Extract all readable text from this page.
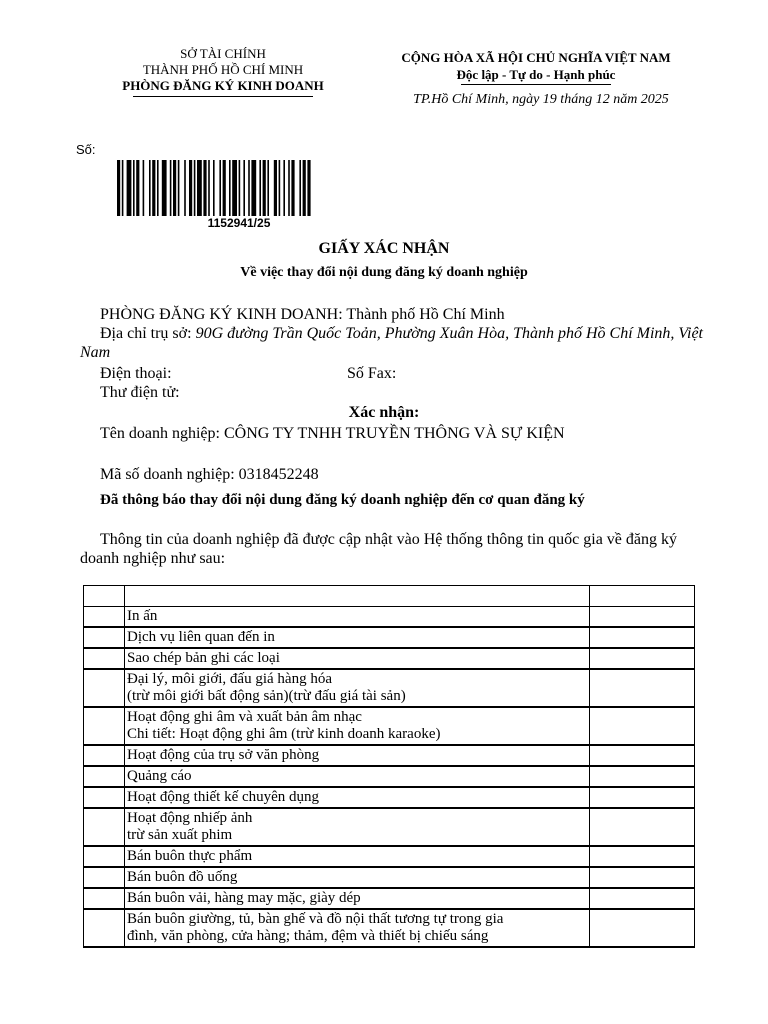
SỞ TÀI CHÍNH
THÀNH PHỐ HỒ CHÍ MINH
PHÒNG ĐĂNG KÝ KINH DOANH
CỘNG HÒA XÃ HỘI CHỦ NGHĨA VIỆT NAM
Độc lập - Tự do - Hạnh phúc
TP.Hồ Chí Minh, ngày 19 tháng 12 năm 2025
Số:
1152941/25
GIẤY XÁC NHẬN
Về việc thay đổi nội dung đăng ký doanh nghiệp
PHÒNG ĐĂNG KÝ KINH DOANH: Thành phố Hồ Chí Minh
Địa chỉ trụ sở: 90G đường Trần Quốc Toản, Phường Xuân Hòa, Thành phố Hồ Chí Minh, Việt Nam
Điện thoại:	Số Fax:
Thư điện tử:
Xác nhận:
Tên doanh nghiệp: CÔNG TY TNHH TRUYỀN THÔNG VÀ SỰ KIỆN
Mã số doanh nghiệp: 0318452248
Đã thông báo thay đổi nội dung đăng ký doanh nghiệp đến cơ quan đăng ký
Thông tin của doanh nghiệp đã được cập nhật vào Hệ thống thông tin quốc gia về đăng ký doanh nghiệp như sau:

	In ấn	

	Dịch vụ liên quan đến in	

	Sao chép bản ghi các loại	

	Đại lý, môi giới, đấu giá hàng hóa
(trừ môi giới bất động sản)(trừ đấu giá tài sản)	

	Hoạt động ghi âm và xuất bản âm nhạc
Chi tiết: Hoạt động ghi âm (trừ kinh doanh karaoke)	

	Hoạt động của trụ sở văn phòng	

	Quảng cáo	

	Hoạt động thiết kế chuyên dụng	

	Hoạt động nhiếp ảnh
trừ sản xuất phim	

	Bán buôn thực phẩm	

	Bán buôn đồ uống	

	Bán buôn vải, hàng may mặc, giày dép	

	Bán buôn giường, tủ, bàn ghế và đồ nội thất tương tự trong gia
đình, văn phòng, cửa hàng; thảm, đệm và thiết bị chiếu sáng	
